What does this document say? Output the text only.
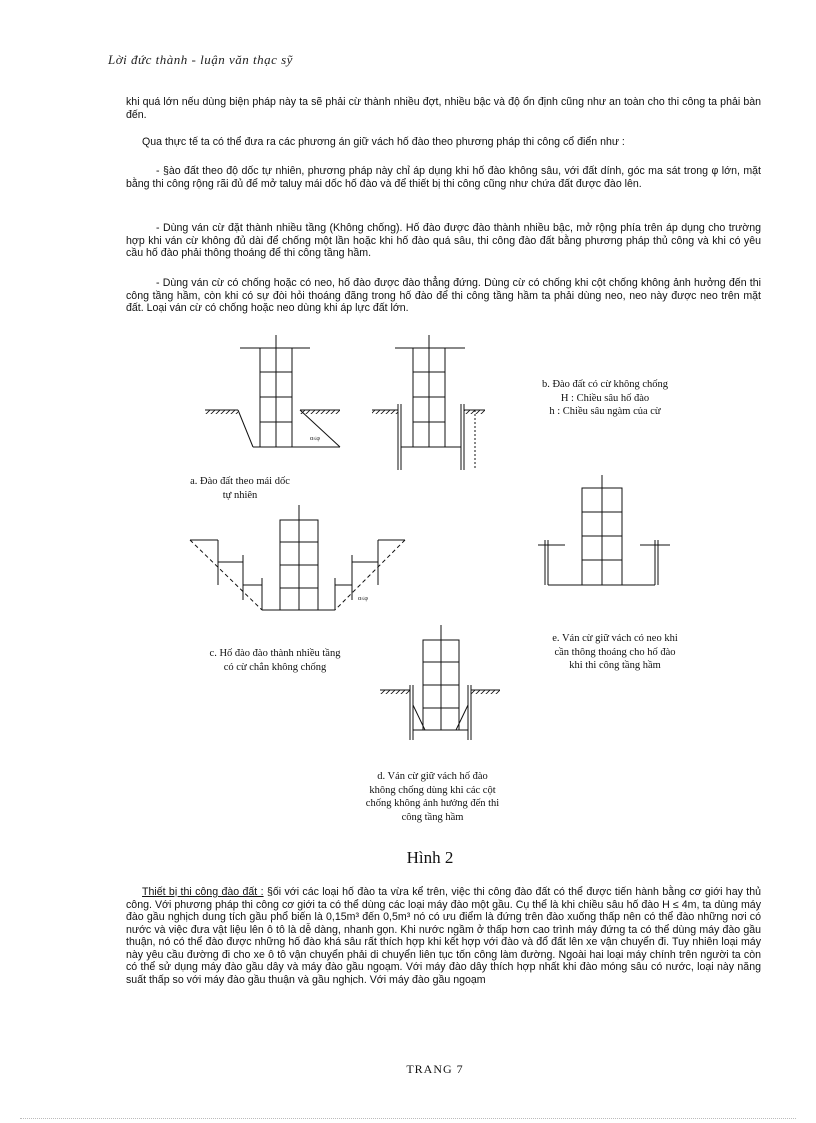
Lời đức thành - luận văn thạc sỹ

khi quá lớn nếu dùng biện pháp này ta sẽ phải cừ thành nhiều đợt, nhiều bậc và độ ổn định cũng như an toàn cho thi công ta phải bàn đến.

Qua thực tế ta có thể đưa ra các phương án giữ vách hố đào theo phương pháp thi công cổ điển như :

- §ào đất theo độ dốc tự nhiên, phương pháp này chỉ áp dụng khi hố đào không sâu, với đất dính, góc ma sát trong φ lớn, mặt bằng thi công rộng rãi đủ để mở taluy mái dốc hố đào và để thiết bị thi công cũng như chứa đất được đào lên.

- Dùng ván cừ đặt thành nhiều tầng (Không chống). Hố đào được đào thành nhiều bậc, mở rộng phía trên áp dụng cho trường hợp khi ván cừ không đủ dài để chống một lần hoặc khi hố đào quá sâu, thi công đào đất bằng phương pháp thủ công và khi có yêu cầu hố đào phải thông thoáng để thi công tầng hầm.

- Dùng ván cừ có chống hoặc có neo, hố đào được đào thẳng đứng. Dùng cừ có chống khi cột chống không ảnh hưởng đến thi công tầng hầm, còn khi có sự đòi hỏi thoáng đãng trong hố đào để thi công tầng hầm ta phải dùng neo, neo này được neo trên mặt đất. Loại ván cừ có chống hoặc neo dùng khi áp lực đất lớn.

α≤φ
α≤φ
a. Đào đất theo mái dốc
tự nhiên
b. Đào đất có cừ không chống
H : Chiều sâu hố đào
h : Chiều sâu ngàm của cừ
c. Hố đào đào thành nhiều tầng
có cừ chắn không chống
e. Ván cừ giữ vách có neo khi
cần thông thoáng cho hố đào
khi thi công tầng hầm
d. Ván cừ giữ vách hố đào
không chống dùng khi các cột
chống không ảnh hưởng đến thi
công tầng hầm
Hình 2

Thiết bị thi công đào đất : §ối với các loại hố đào ta vừa kể trên, việc thi công đào đất có thể được tiến hành bằng cơ giới hay thủ công. Với phương pháp thi công cơ giới ta có thể dùng các loại máy đào một gầu. Cụ thể là khi chiều sâu hố đào H ≤ 4m, ta dùng máy đào gầu nghịch dung tích gầu phổ biến là 0,15m³ đến 0,5m³ nó có ưu điểm là đứng trên đào xuống thấp nên có thể đào những nơi có nước và việc đưa vật liệu lên ô tô là dễ dàng, nhanh gọn. Khi nước ngầm ở thấp hơn cao trình máy đứng ta có thể dùng máy đào gầu thuận, nó có thể đào được những hố đào khá sâu rất thích hợp khi kết hợp với đào và đổ đất lên xe vận chuyển đi. Tuy nhiên loại máy này yêu cầu đường đi cho xe ô tô vận chuyển phải di chuyển liên tục tốn công làm đường. Ngoài hai loại máy chính trên người ta còn có thể sử dụng máy đào gầu dây và máy đào gầu ngoạm. Với máy đào dây thích hợp nhất khi đào móng sâu có nước, loại này năng suất thấp so với máy đào gầu thuận và gầu nghịch. Với máy đào gầu ngoạm

TRANG 7
